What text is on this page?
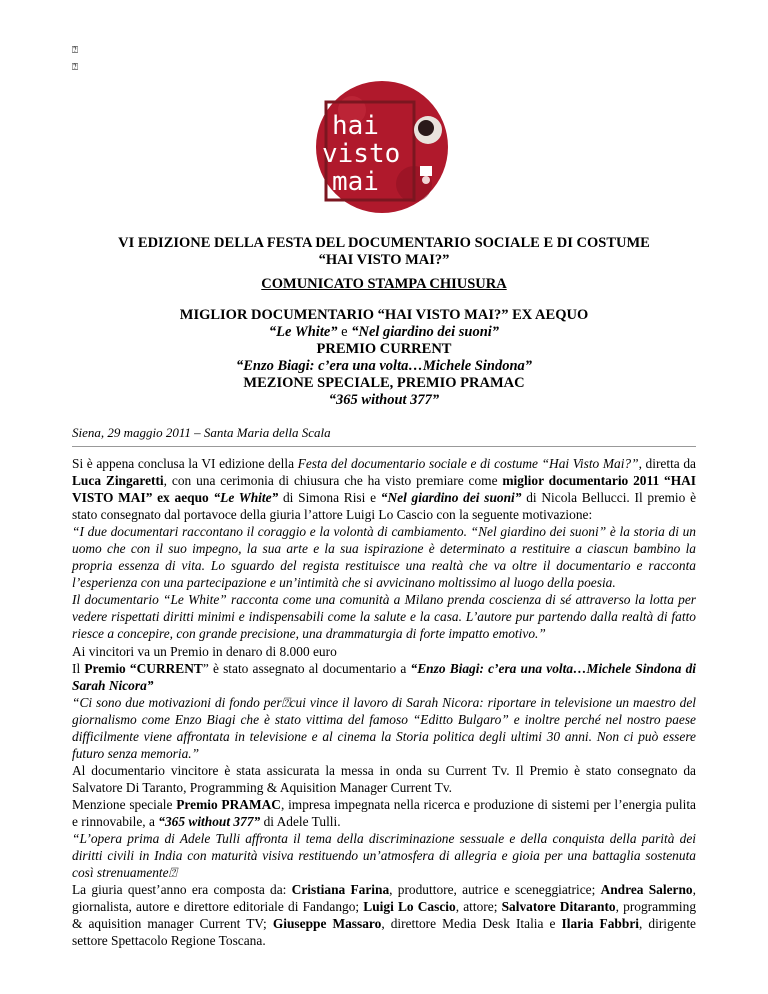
⍰
⍰
hai
visto
mai
VI EDIZIONE DELLA FESTA DEL DOCUMENTARIO SOCIALE E DI COSTUME
“HAI VISTO MAI?”
COMUNICATO STAMPA CHIUSURA
MIGLIOR DOCUMENTARIO “HAI VISTO MAI?” EX AEQUO
“Le White” e “Nel giardino dei suoni”
PREMIO CURRENT
“Enzo Biagi: c’era una volta…Michele Sindona”
MEZIONE SPECIALE, PREMIO PRAMAC
“365 without 377”
Siena, 29 maggio 2011 – Santa Maria della Scala

Si è appena conclusa la VI edizione della Festa del documentario sociale e di costume “Hai Visto Mai?”, diretta da Luca Zingaretti, con una cerimonia di chiusura che ha visto premiare come miglior documentario 2011 “HAI VISTO MAI” ex aequo “Le White” di Simona Risi e “Nel giardino dei suoni” di Nicola Bellucci. Il premio è stato consegnato dal portavoce della giuria l’attore Luigi Lo Cascio con la seguente motivazione:

“I due documentari raccontano il coraggio e la volontà di cambiamento. “Nel giardino dei suoni” è la storia di un uomo che con il suo impegno, la sua arte e la sua ispirazione è determinato a restituire a ciascun bambino la propria essenza di vita. Lo sguardo del regista restituisce una realtà che va oltre il documentario e racconta l’esperienza con una partecipazione e un’intimità che si avvicinano moltissimo al luogo della poesia.

Il documentario “Le White” racconta come una comunità a Milano prenda coscienza di sé attraverso la lotta per vedere rispettati diritti minimi e indispensabili come la salute e la casa. L’autore pur partendo dalla realtà di fatto riesce a concepire, con grande precisione, una drammaturgia di forte impatto emotivo.”

Ai vincitori va un Premio in denaro di 8.000 euro

Il Premio “CURRENT” è stato assegnato al documentario a “Enzo Biagi: c’era una volta…Michele Sindona di Sarah Nicora”

“Ci sono due motivazioni di fondo per⍰cui vince il lavoro di Sarah Nicora: riportare in televisione un maestro del giornalismo come Enzo Biagi che è stato vittima del famoso “Editto Bulgaro” e inoltre perché nel nostro paese difficilmente viene affrontata in televisione e al cinema la Storia politica degli ultimi 30 anni. Non ci può essere futuro senza memoria.”

Al documentario vincitore è stata assicurata la messa in onda su Current Tv. Il Premio è stato consegnato da Salvatore Di Taranto, Programming & Aquisition Manager Current Tv.

Menzione speciale Premio PRAMAC, impresa impegnata nella ricerca e produzione di sistemi per l’energia pulita e rinnovabile, a “365 without 377” di Adele Tulli.

“L’opera prima di Adele Tulli affronta il tema della discriminazione sessuale e della conquista della parità dei diritti civili in India con maturità visiva restituendo un’atmosfera di allegria e gioia per una battaglia sostenuta così strenuamente⍰

La giuria quest’anno era composta da: Cristiana Farina, produttore, autrice e sceneggiatrice; Andrea Salerno, giornalista, autore e direttore editoriale di Fandango; Luigi Lo Cascio, attore; Salvatore Ditaranto, programming & aquisition manager Current TV; Giuseppe Massaro, direttore Media Desk Italia e Ilaria Fabbri, dirigente settore Spettacolo Regione Toscana.
